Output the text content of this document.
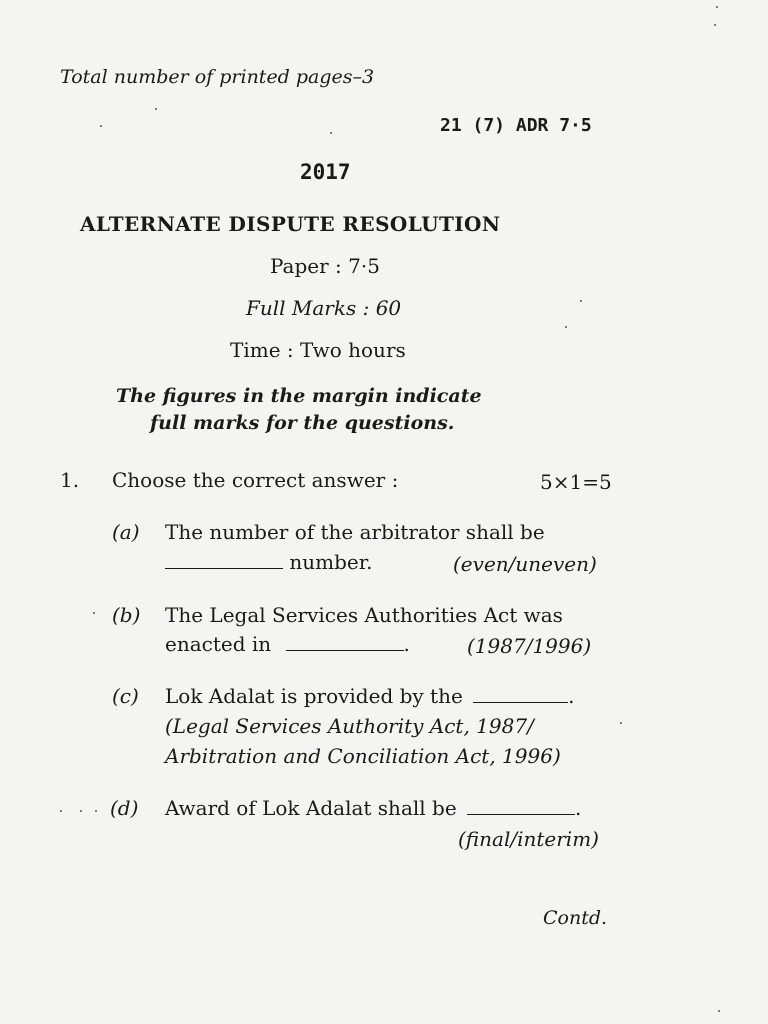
Total number of printed pages–3
21 (7) ADR 7·5
2017
ALTERNATE DISPUTE RESOLUTION
Paper : 7·5
Full Marks : 60
Time : Two hours
The figures in the margin indicate
full marks for the questions.
1. Choose the correct answer :	5×1=5
(a) The number of the arbitrator shall be
number.	(even/uneven)
(b) The Legal Services Authorities Act was
enacted in	.	(1987/1996)
(c) Lok Adalat is provided by the	.
(Legal Services Authority Act, 1987/
Arbitration and Conciliation Act, 1996)
(d) Award of Lok Adalat shall be	.
(final/interim)
Contd.
